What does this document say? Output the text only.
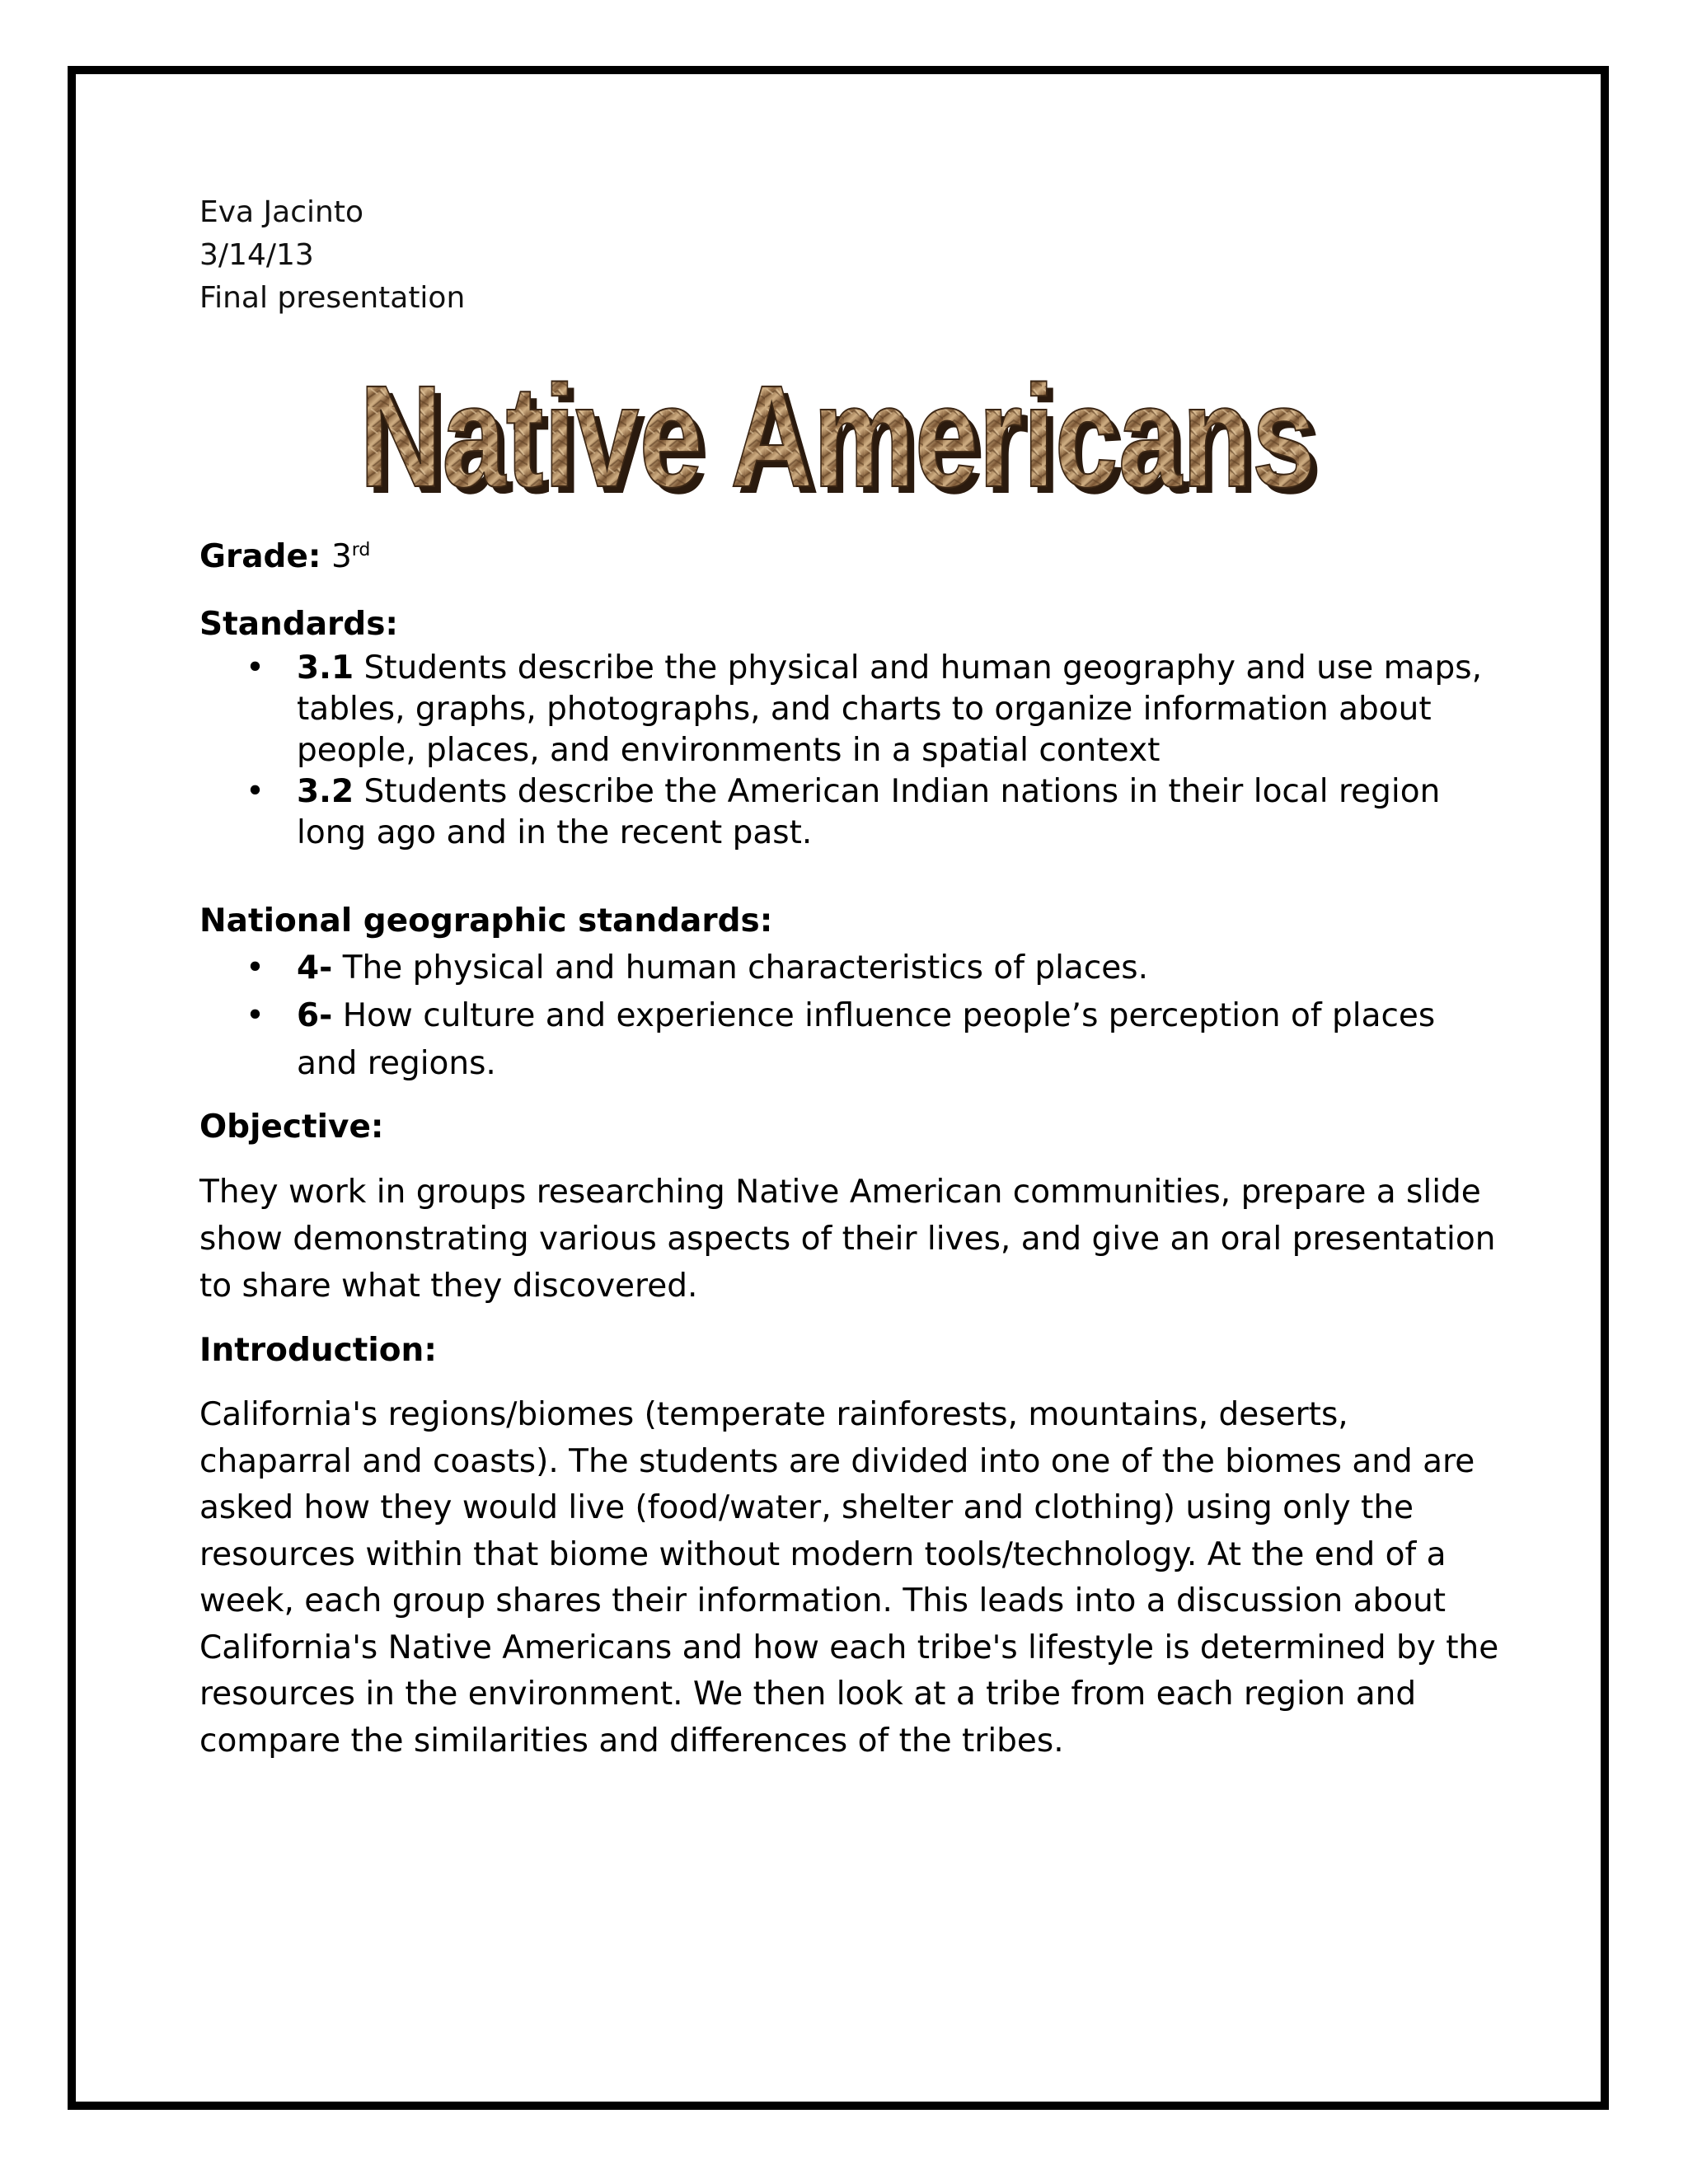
Eva Jacinto
3/14/13
Final presentation
Native Americans
Native Americans
Grade: 3rd
Standards:
• 3.1 Students describe the physical and human geography and use maps, tables, graphs, photographs, and charts to organize information about people, places, and environments in a spatial context
• 3.2 Students describe the American Indian nations in their local region long ago and in the recent past.
National geographic standards:
• 4- The physical and human characteristics of places.
• 6- How culture and experience influence people’s perception of places and regions.
Objective:
They work in groups researching Native American communities, prepare a slide show demonstrating various aspects of their lives, and give an oral presentation to share what they discovered.
Introduction:
California's regions/biomes (temperate rainforests, mountains, deserts, chaparral and coasts). The students are divided into one of the biomes and are asked how they would live (food/water, shelter and clothing) using only the resources within that biome without modern tools/technology. At the end of a week, each group shares their information. This leads into a discussion about California's Native Americans and how each tribe's lifestyle is determined by the resources in the environment. We then look at a tribe from each region and compare the similarities and differences of the tribes.
